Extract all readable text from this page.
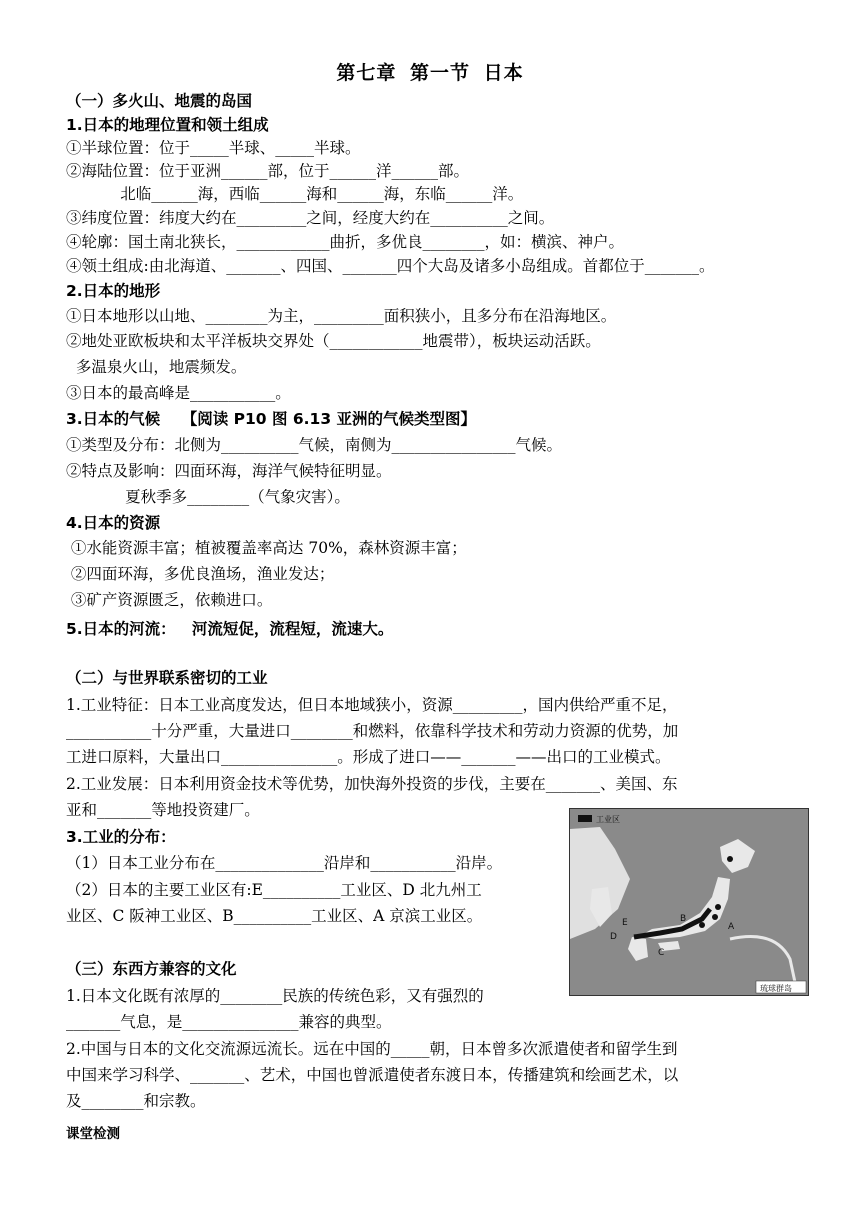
第七章 第一节 日本
（一）多火山、地震的岛国
1.日本的地理位置和领土组成
①半球位置：位于_____半球、_____半球。
②海陆位置：位于亚洲______部，位于______洋______部。
北临______海，西临______海和______海，东临______洋。
③纬度位置：纬度大约在_________之间，经度大约在__________之间。
④轮廓：国土南北狭长，____________曲折，多优良________，如：横滨、神户。
④领土组成:由北海道、_______、四国、_______四个大岛及诸多小岛组成。首都位于_______。
2.日本的地形
①日本地形以山地、________为主，_________面积狭小，且多分布在沿海地区。
②地处亚欧板块和太平洋板块交界处（____________地震带），板块运动活跃。
多温泉火山，地震频发。
③日本的最高峰是___________。
3.日本的气候    【阅读 P10 图 6.13 亚洲的气候类型图】
①类型及分布：北侧为__________气候，南侧为________________气候。
②特点及影响：四面环海，海洋气候特征明显。
夏秋季多________（气象灾害）。
4.日本的资源
①水能资源丰富；植被覆盖率高达 70%，森林资源丰富；
②四面环海，多优良渔场，渔业发达；
③矿产资源匮乏，依赖进口。
5.日本的河流：   河流短促，流程短，流速大。
（二）与世界联系密切的工业
1.工业特征：日本工业高度发达，但日本地域狭小，资源_________，国内供给严重不足，
___________十分严重，大量进口________和燃料，依靠科学技术和劳动力资源的优势，加
工进口原料，大量出口_______________。形成了进口——_______——出口的工业模式。
2.工业发展：日本利用资金技术等优势，加快海外投资的步伐，主要在_______、美国、东
亚和_______等地投资建厂。
3.工业的分布：
（1）日本工业分布在______________沿岸和___________沿岸。
（2）日本的主要工业区有:E__________工业区、D 北九州工
业区、C 阪神工业区、B__________工业区、A 京滨工业区。
（三）东西方兼容的文化
1.日本文化既有浓厚的________民族的传统色彩，又有强烈的
_______气息，是_______________兼容的典型。
2.中国与日本的文化交流源远流长。远在中国的_____朝，日本曾多次派遣使者和留学生到
中国来学习科学、_______、艺术，中国也曾派遣使者东渡日本，传播建筑和绘画艺术，以
及________和宗教。
工业区
E
D
C
B
A
琉球群岛
课堂检测
